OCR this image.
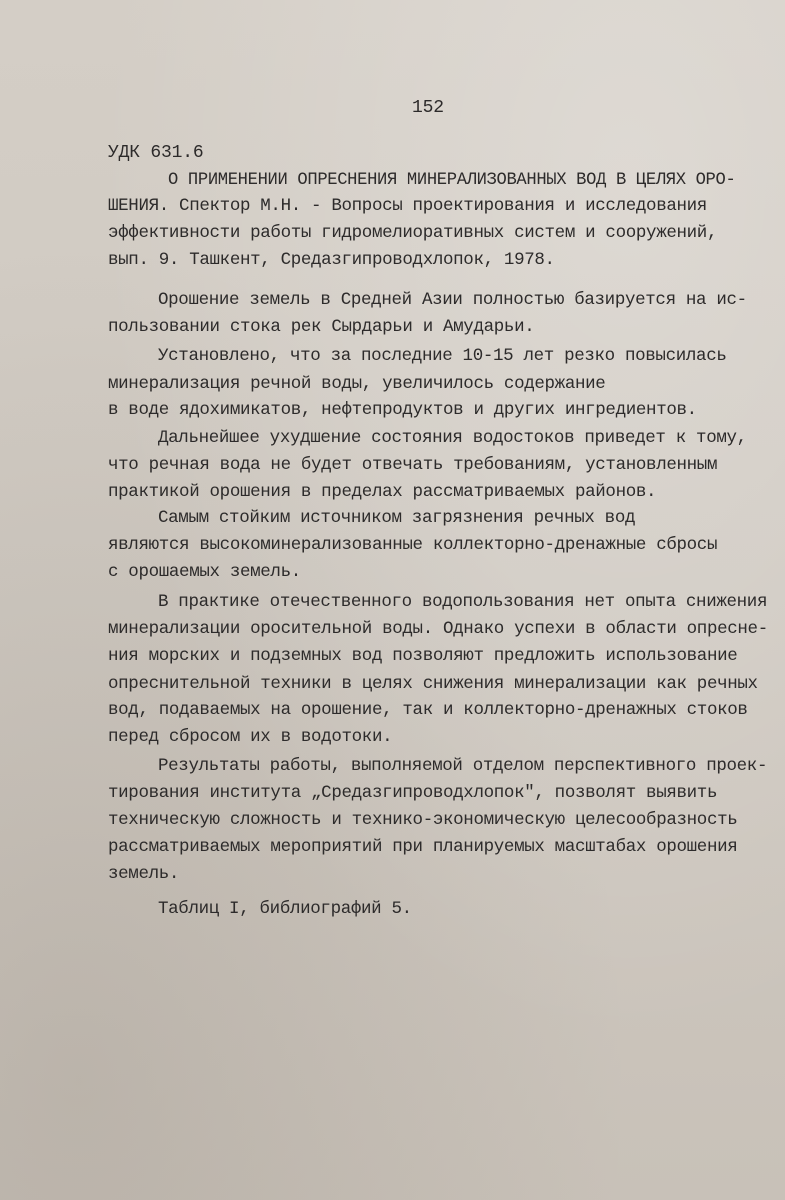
152
УДК 631.6
О ПРИМЕНЕНИИ ОПРЕСНЕНИЯ МИНЕРАЛИЗОВАННЫХ ВОД В ЦЕЛЯХ ОРО-
ШЕНИЯ. Спектор М.Н. - Вопросы проектирования и исследования
эффективности работы гидромелиоративных систем и сооружений,
вып. 9. Ташкент, Средазгипроводхлопок, 1978.
Орошение земель в Средней Азии полностью базируется на ис-
пользовании стока рек Сырдарьи и Амударьи.
Установлено, что за последние 10-15 лет резко повысилась
минерализация речной воды, увеличилось содержание
в воде ядохимикатов, нефтепродуктов и других ингредиентов.
Дальнейшее ухудшение состояния водостоков приведет к тому,
что речная вода не будет отвечать требованиям, установленным
практикой орошения в пределах рассматриваемых районов.
Самым стойким источником загрязнения речных вод
являются высокоминерализованные коллекторно-дренажные сбросы
с орошаемых земель.
В практике отечественного водопользования нет опыта снижения
минерализации оросительной воды. Однако успехи в области опреснe-
ния морских и подземных вод позволяют предложить использование
опреснительной техники в целях снижения минерализации как речных
вод, подаваемых на орошение, так и коллекторно-дренажных стоков
перед сбросом их в водотоки.
Результаты работы, выполняемой отделом перспективного проек-
тирования института „Средазгипроводхлопок", позволят выявить
техническую сложность и технико-экономическую целесообразность
рассматриваемых мероприятий при планируемых масштабах орошения
земель.
Таблиц I, библиографий 5.
